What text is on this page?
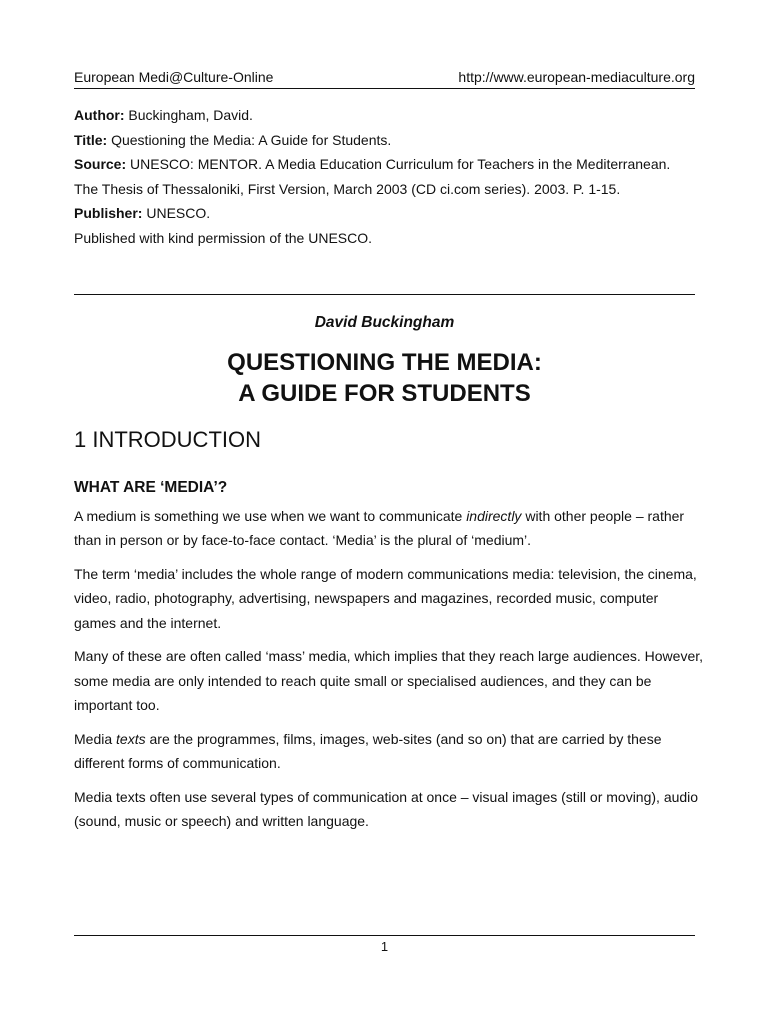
European Medi@Culture-Online	http://www.european-mediaculture.org

Author: Buckingham, David.

Title: Questioning the Media: A Guide for Students.

Source: UNESCO: MENTOR. A Media Education Curriculum for Teachers in the Mediterranean. The Thesis of Thessaloniki, First Version, March 2003 (CD ci.com series). 2003. P. 1-15.

Publisher: UNESCO.

Published with kind permission of the UNESCO.

David Buckingham
QUESTIONING THE MEDIA:
A GUIDE FOR STUDENTS
1 INTRODUCTION
WHAT ARE ‘MEDIA’?

A medium is something we use when we want to communicate indirectly with other people – rather than in person or by face-to-face contact. ‘Media’ is the plural of ‘medium’.

The term ‘media’ includes the whole range of modern communications media: television, the cinema, video, radio, photography, advertising, newspapers and magazines, recorded music, computer games and the internet.

Many of these are often called ‘mass’ media, which implies that they reach large audiences. However, some media are only intended to reach quite small or specialised audiences, and they can be important too.

Media texts are the programmes, films, images, web-sites (and so on) that are carried by these different forms of communication.

Media texts often use several types of communication at once – visual images (still or moving), audio (sound, music or speech) and written language.

1
